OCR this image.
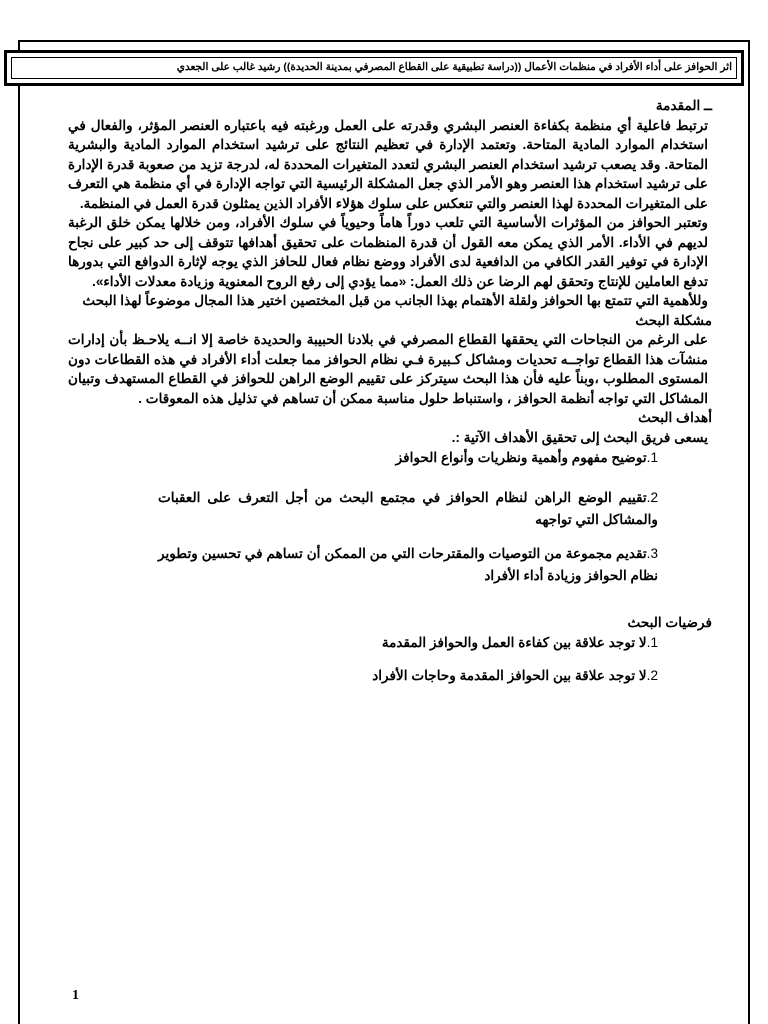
اثر الحوافز على أداء الأفراد في منظمات الأعمال ((دراسة تطبيقية على القطاع المصرفي بمدينة الحديدة)) رشيد غالب على الجعدي

ــ المقدمة

ترتبط فاعلية أي منظمة بكفاءة العنصر البشري وقدرته على العمل ورغبته فيه باعتباره العنصر المؤثر، والفعال في استخدام الموارد المادية المتاحة. وتعتمد الإدارة في تعظيم النتائج على ترشيد استخدام الموارد المادية والبشرية المتاحة. وقد يصعب ترشيد استخدام العنصر البشري لتعدد المتغيرات المحددة له، لدرجة تزيد من صعوبة قدرة الإدارة على ترشيد استخدام هذا العنصر وهو الأمر الذي جعل المشكلة الرئيسية التي تواجه الإدارة في أي منظمة هي التعرف على المتغيرات المحددة لهذا العنصر والتي تنعكس على سلوك هؤلاء الأفراد الذين يمثلون قدرة العمل في المنظمة.

وتعتبر الحوافز من المؤثرات الأساسية التي تلعب دوراً هاماً وحيوياً في سلوك الأفراد، ومن خلالها يمكن خلق الرغبة لديهم في الأداء. الأمر الذي يمكن معه القول أن قدرة المنظمات على تحقيق أهدافها تتوقف إلى حد كبير على نجاح الإدارة في توفير القدر الكافي من الدافعية لدى الأفراد ووضع نظام فعال للحافز الذي يوجه لإثارة الدوافع التي بدورها تدفع العاملين للإنتاج وتحقق لهم الرضا عن ذلك العمل: «مما يؤدي إلى رفع الروح المعنوية وزيادة معدلات الأداء».

وللأهمية التي تتمتع بها الحوافز ولقلة الأهتمام بهذا الجانب من قبل المختصين اختير هذا المجال موضوعاً لهذا البحث

مشكلة البحث

على الرغم من النجاحات التي يحققها القطاع المصرفي في بلادنا الحبيبة والحديدة خاصة إلا انــه يلاحـظ بأن إدارات منشآت هذا القطاع تواجــه تحديات ومشاكل كـبيرة فـي نظام الحوافز مما جعلت أداء الأفراد في هذه القطاعات دون المستوى المطلوب ،وبناً عليه فأن هذا البحث سيتركز على تقييم الوضع الراهن للحوافز في القطاع المستهدف وتبيان المشاكل التي تواجه أنظمة الحوافز ، واستنباط حلول مناسبة ممكن أن تساهم في تذليل هذه المعوقات .

أهداف البحث

يسعى فريق البحث إلى تحقيق الأهداف الآتية :.

1.توضيح مفهوم وأهمية ونظريات وأنواع الحوافز
2.تقييم الوضع الراهن لنظام الحوافز في مجتمع البحث من أجل التعرف على العقبات والمشاكل التي تواجهه
3.تقديم مجموعة من التوصيات والمقترحات التي من الممكن أن تساهم في تحسين وتطوير نظام الحوافز وزيادة أداء الأفراد

فرضيات البحث

1.لا توجد علاقة بين كفاءة العمل والحوافز المقدمة
2.لا توجد علاقة بين الحوافز المقدمة وحاجات الأفراد
1
